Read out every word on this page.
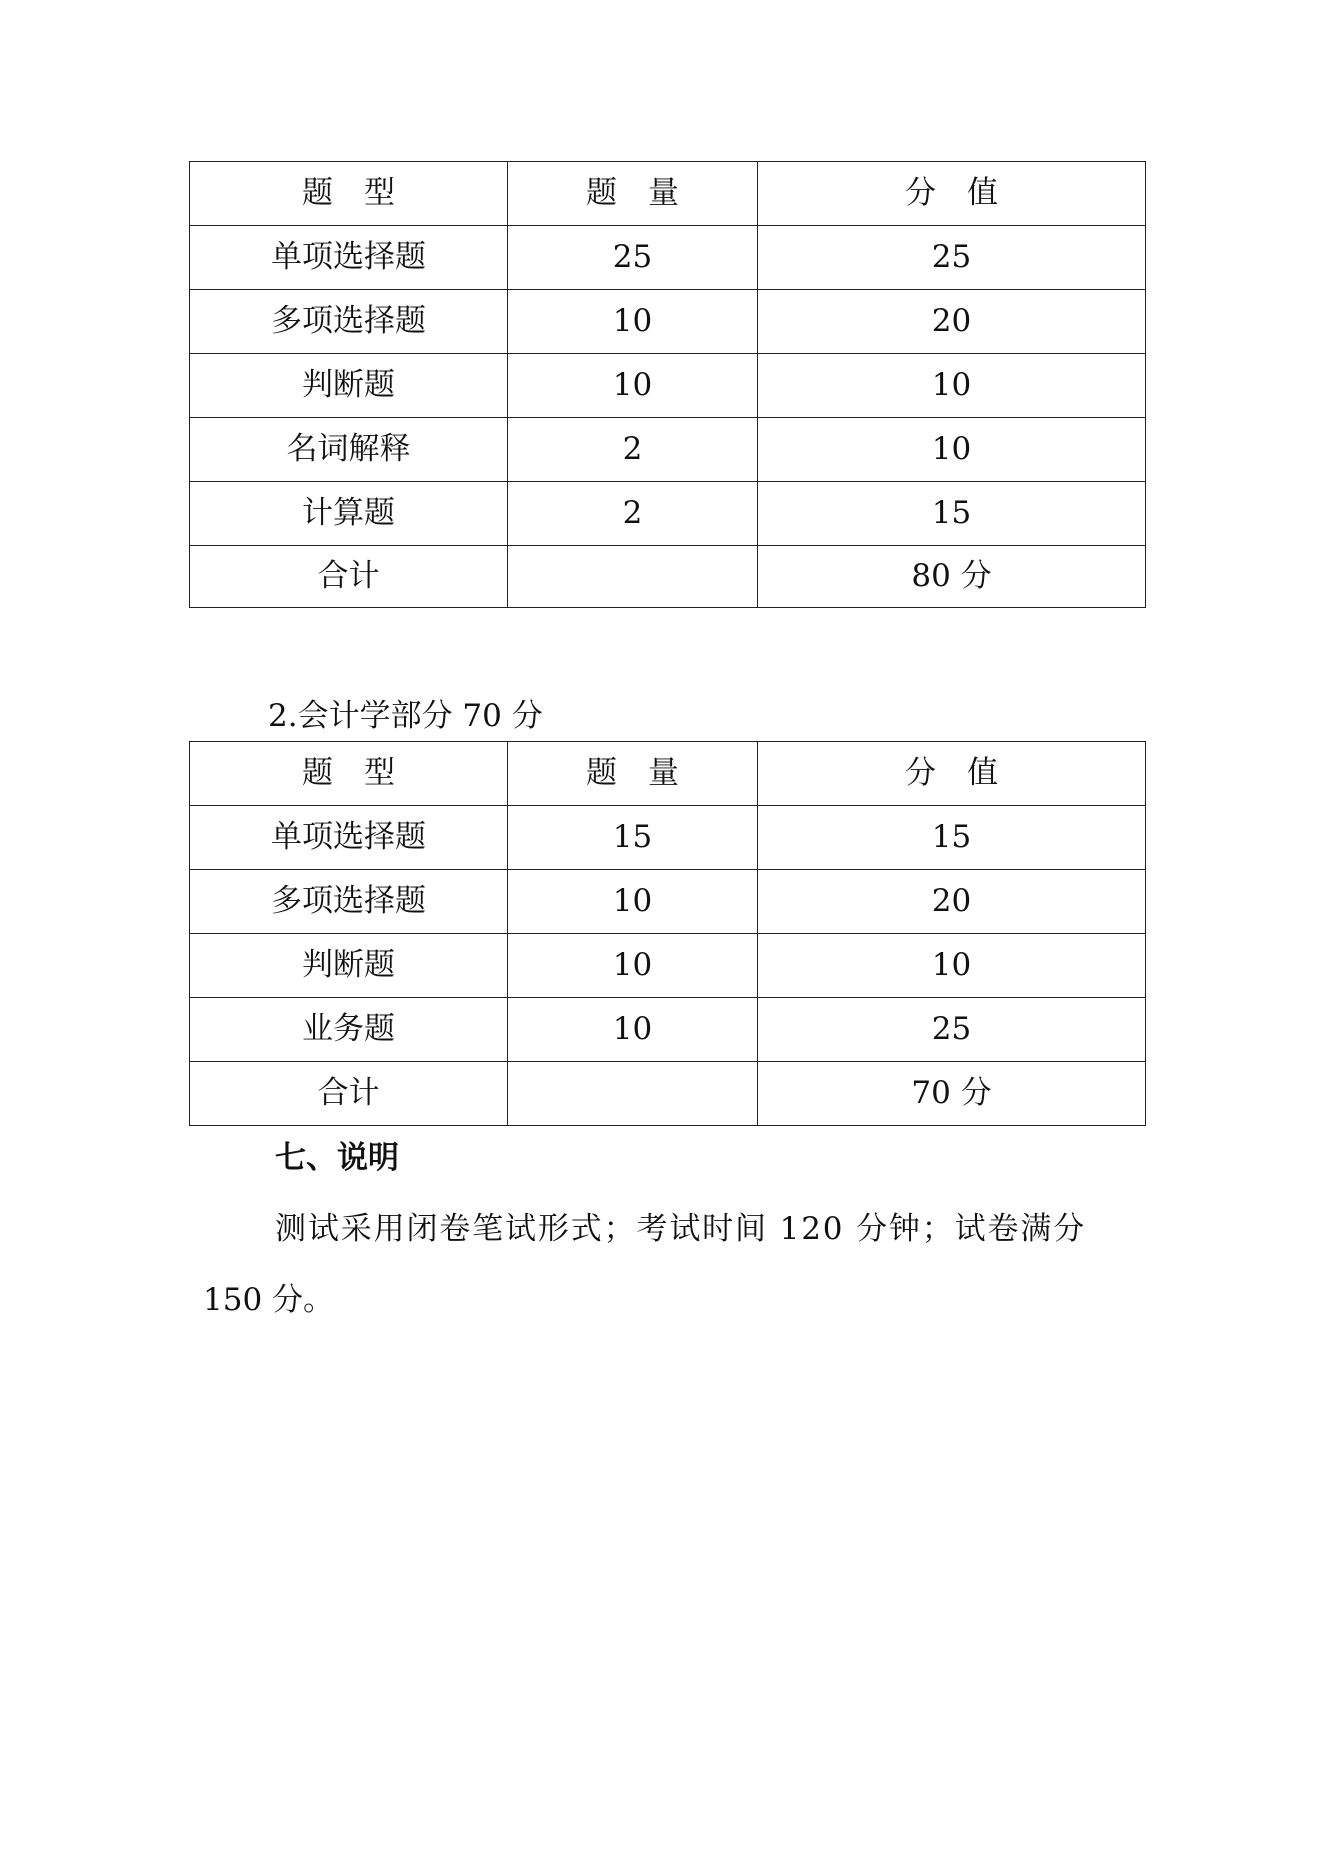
题　型	题　量	分　值
单项选择题	25	25
多项选择题	10	20
判断题	10	10
名词解释	2	10
计算题	2	15
合计		80 分
2.会计学部分 70 分
题　型	题　量	分　值
单项选择题	15	15
多项选择题	10	20
判断题	10	10
业务题	10	25
合计		70 分
七、说明
测试采用闭卷笔试形式；考试时间 120 分钟；试卷满分
150 分。
